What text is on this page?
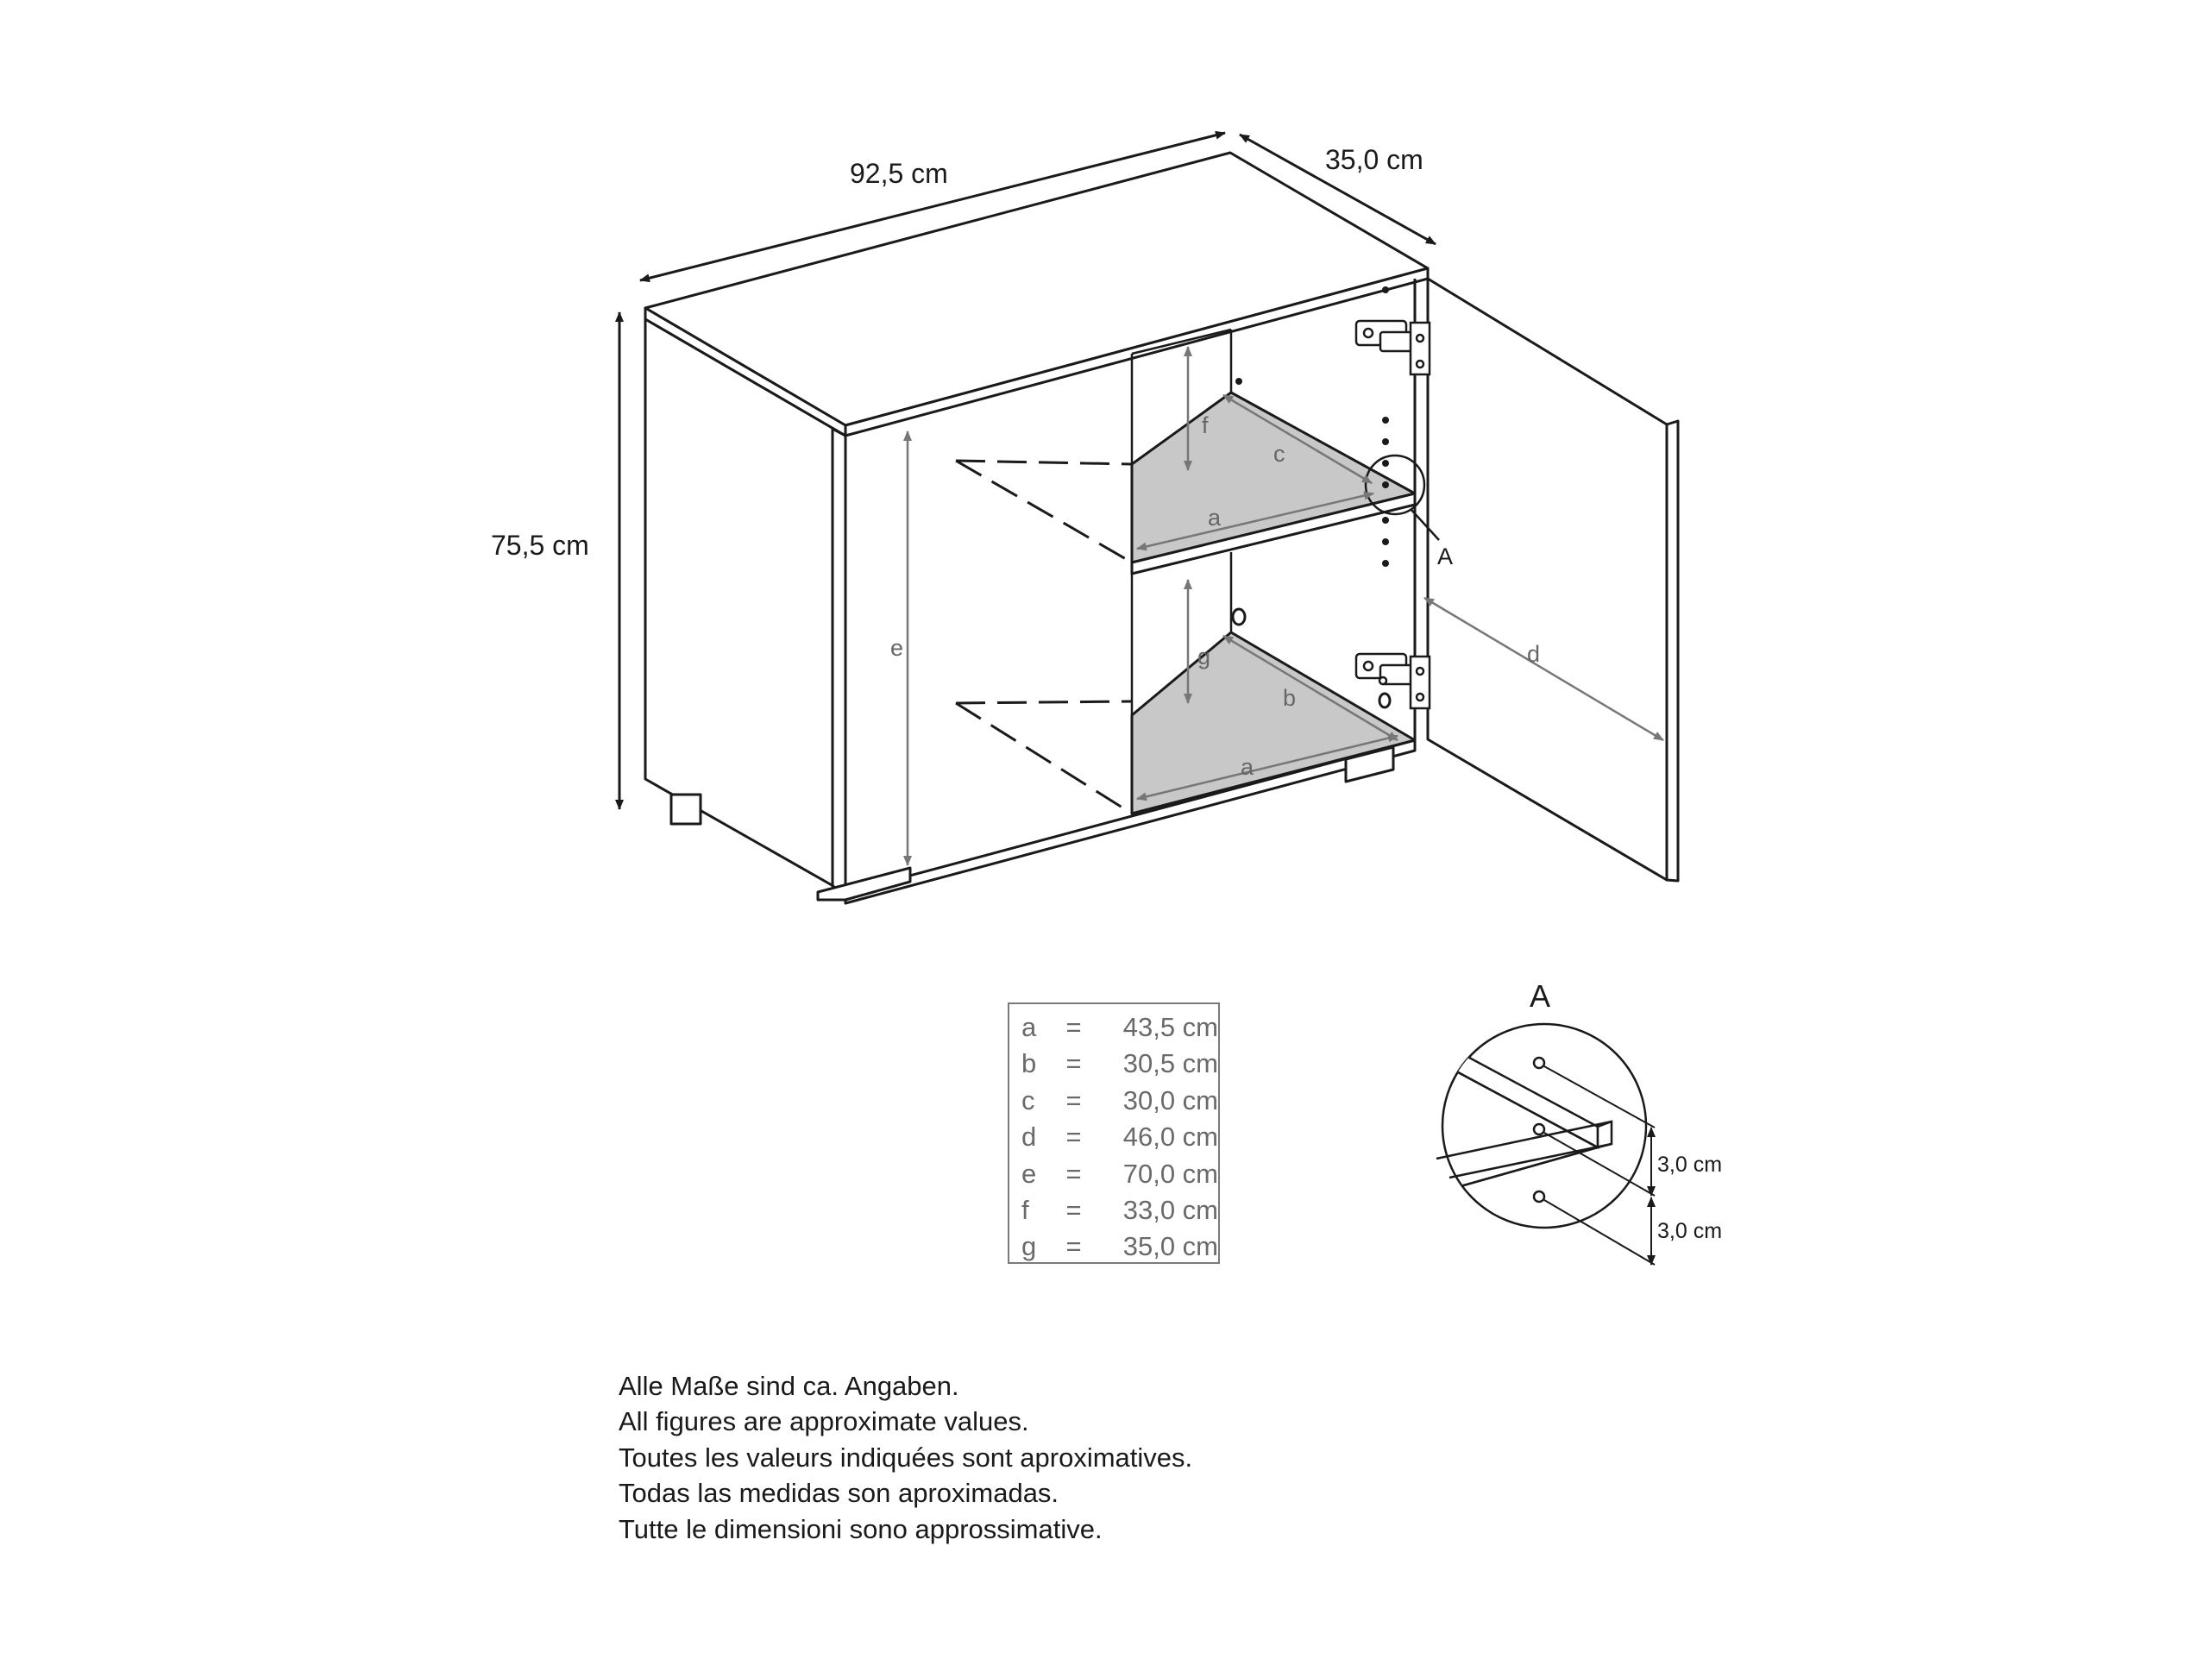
A
92,5 cm	35,0 cm
75,5 cm
e
f
g
c
a
b
a
d
A
3,0 cm
3,0 cm
a	=	43,5 cm
b	=	30,5 cm
c	=	30,0 cm
d	=	46,0 cm
e	=	70,0 cm
f	=	33,0 cm
g	=	35,0 cm
Alle Maße sind ca. Angaben.
All figures are approximate values.
Toutes les valeurs indiquées sont aproximatives.
Todas las medidas son aproximadas.
Tutte le dimensioni sono approssimative.
